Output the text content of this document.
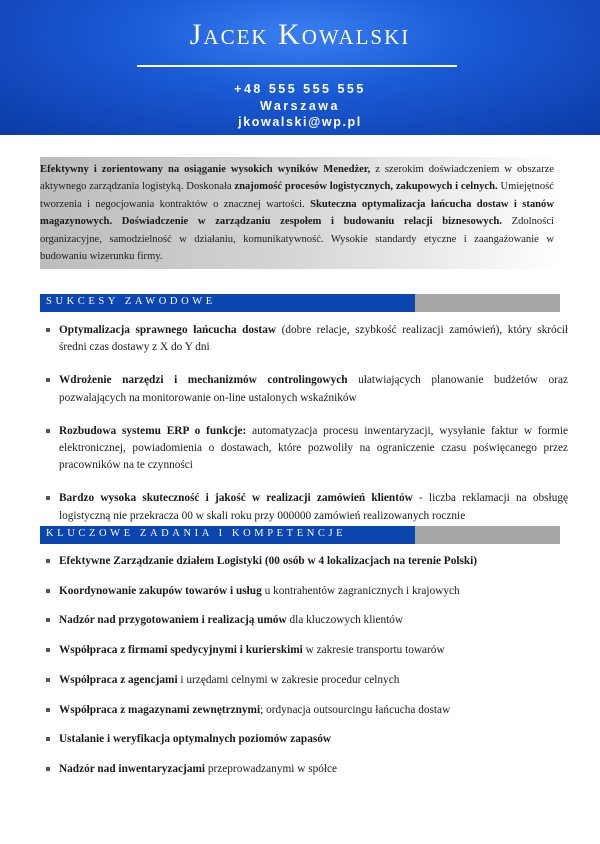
Jacek Kowalski
+48 555 555 555
Warszawa
jkowalski@wp.pl
Efektywny i zorientowany na osiąganie wysokich wyników Menedżer, z szerokim doświadczeniem w obszarze aktywnego zarządzania logistyką. Doskonała znajomość procesów logistycznych, zakupowych i celnych. Umiejętność tworzenia i negocjowania kontraktów o znacznej wartości. Skuteczna optymalizacja łańcucha dostaw i stanów magazynowych. Doświadczenie w zarządzaniu zespołem i budowaniu relacji biznesowych. Zdolności organizacyjne, samodzielność w działaniu, komunikatywność. Wysokie standardy etyczne i zaangażowanie w budowaniu wizerunku firmy.
SUKCESY ZAWODOWE
Optymalizacja sprawnego łańcucha dostaw (dobre relacje, szybkość realizacji zamówień), który skrócił średni czas dostawy z X do Y dni
Wdrożenie narzędzi i mechanizmów controlingowych ułatwiających planowanie budżetów oraz pozwalających na monitorowanie on-line ustalonych wskaźników
Rozbudowa systemu ERP o funkcje: automatyzacja procesu inwentaryzacji, wysyłanie faktur w formie elektronicznej, powiadomienia o dostawach, które pozwoliły na ograniczenie czasu poświęcanego przez pracowników na te czynności
Bardzo wysoka skuteczność i jakość w realizacji zamówień klientów - liczba reklamacji na obsługę logistyczną nie przekracza 00 w skali roku przy 000000 zamówień realizowanych rocznie
KLUCZOWE ZADANIA I KOMPETENCJE
Efektywne Zarządzanie działem Logistyki (00 osób w 4 lokalizacjach na terenie Polski)
Koordynowanie zakupów towarów i usług u kontrahentów zagranicznych i krajowych
Nadzór nad przygotowaniem i realizacją umów dla kluczowych klientów
Współpraca z firmami spedycyjnymi i kurierskimi w zakresie transportu towarów
Współpraca z agencjami i urzędami celnymi w zakresie procedur celnych
Współpraca z magazynami zewnętrznymi; ordynacja outsourcingu łańcucha dostaw
Ustalanie i weryfikacja optymalnych poziomów zapasów
Nadzór nad inwentaryzacjami przeprowadzanymi w spółce
